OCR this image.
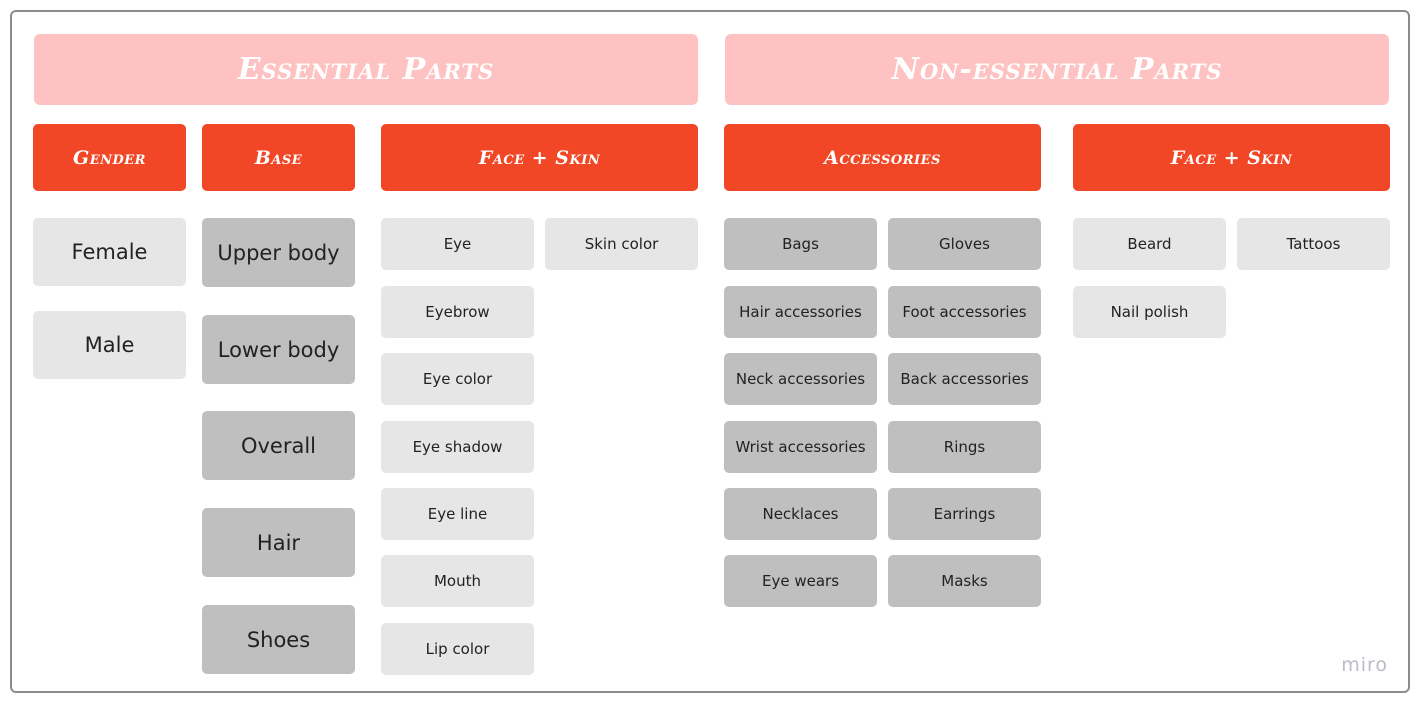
Essential Parts	Non-essential Parts
Gender	Base	Face + Skin	Accessories	Face + Skin
Female
Male
Upper body
Lower body
Overall
Hair
Shoes
Eye	Skin color
Eyebrow
Eye color
Eye shadow
Eye line
Mouth
Lip color
Bags	Gloves
Hair accessories	Foot accessories
Neck accessories	Back accessories
Wrist accessories	Rings
Necklaces	Earrings
Eye wears	Masks
Beard	Tattoos
Nail polish
miro
